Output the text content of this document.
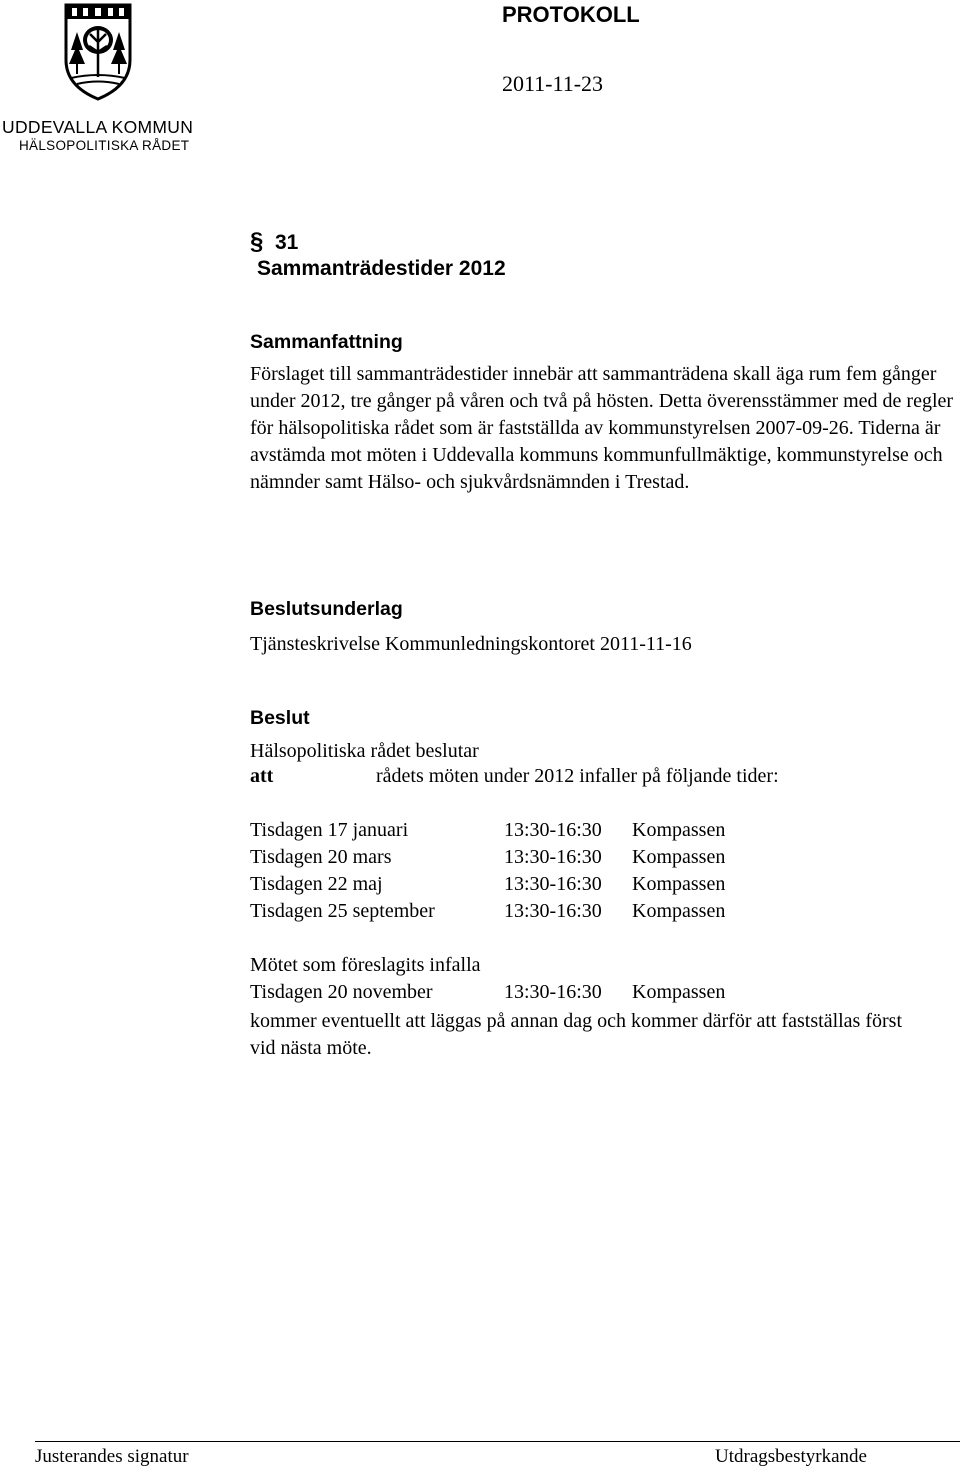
PROTOKOLL
2011-11-23
UDDEVALLA KOMMUN
HÄLSOPOLITISKA RÅDET
§ 31
Sammanträdestider 2012
Sammanfattning
Förslaget till sammanträdestider innebär att sammanträdena skall äga rum fem gånger under 2012, tre gånger på våren och två på hösten. Detta överensstämmer med de regler för hälsopolitiska rådet som är fastställda av kommunstyrelsen 2007-09-26. Tiderna är avstämda mot möten i Uddevalla kommuns kommunfullmäktige, kommunstyrelse och nämnder samt Hälso- och sjukvårdsnämnden i Trestad.
Beslutsunderlag
Tjänsteskrivelse Kommunledningskontoret 2011-11-16
Beslut
Hälsopolitiska rådet beslutar
att	rådets möten under 2012 infaller på följande tider:
Tisdagen 17 januari	13:30-16:30 Kompassen
Tisdagen 20 mars	13:30-16:30 Kompassen
Tisdagen 22 maj	13:30-16:30 Kompassen
Tisdagen 25 september	13:30-16:30 Kompassen
Mötet som föreslagits infalla
Tisdagen 20 november	13:30-16:30 Kompassen
kommer eventuellt att läggas på annan dag och kommer därför att fastställas först vid nästa möte.
Justerandes signatur	Utdragsbestyrkande
